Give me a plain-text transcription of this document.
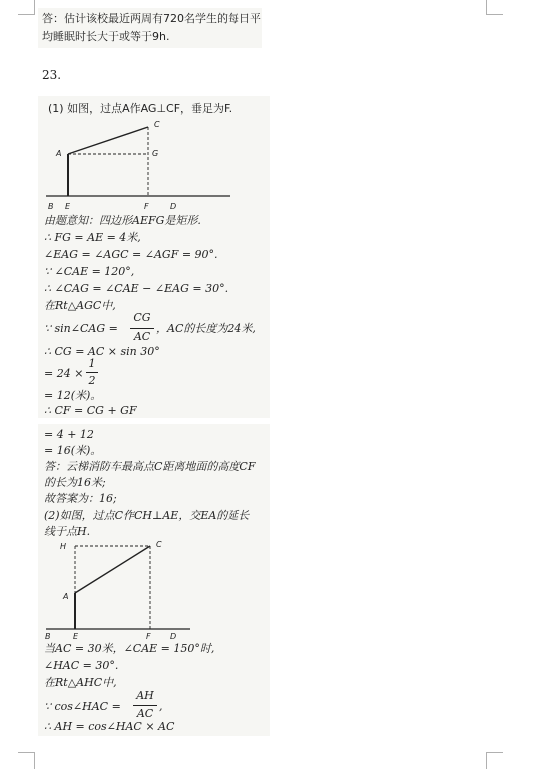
答：估计该校最近两周有720名学生的每日平
均睡眠时长大于或等于9h.
23.
(1) 如图，过点A作AG⊥CF，垂足为F.
C
A	G
B E	F	D
由题意知：四边形AEFG是矩形.
∴ FG = AE = 4米,
∠EAG = ∠AGC = ∠AGF = 90°.
∵ ∠CAE = 120°,
∴ ∠CAG = ∠CAE − ∠EAG = 30°.
在Rt△AGC中,
∵ sin∠CAG =
CG
AC
，AC的长度为24米,
∴ CG = AC × sin 30°
= 24 ×
1
2
= 12(米)。
∴ CF = CG + GF
= 4 + 12
= 16(米)。
答：云梯消防车最高点C距离地面的高度CF
的长为16米;
故答案为：16;
(2)如图，过点C作CH⊥AE，交EA的延长
线于点H.
H	C
A
B	E	F D
当AC = 30米，∠CAE = 150°时,
∠HAC = 30°.
在Rt△AHC中,
∵ cos∠HAC =
AH
AC
,
∴ AH = cos∠HAC × AC
